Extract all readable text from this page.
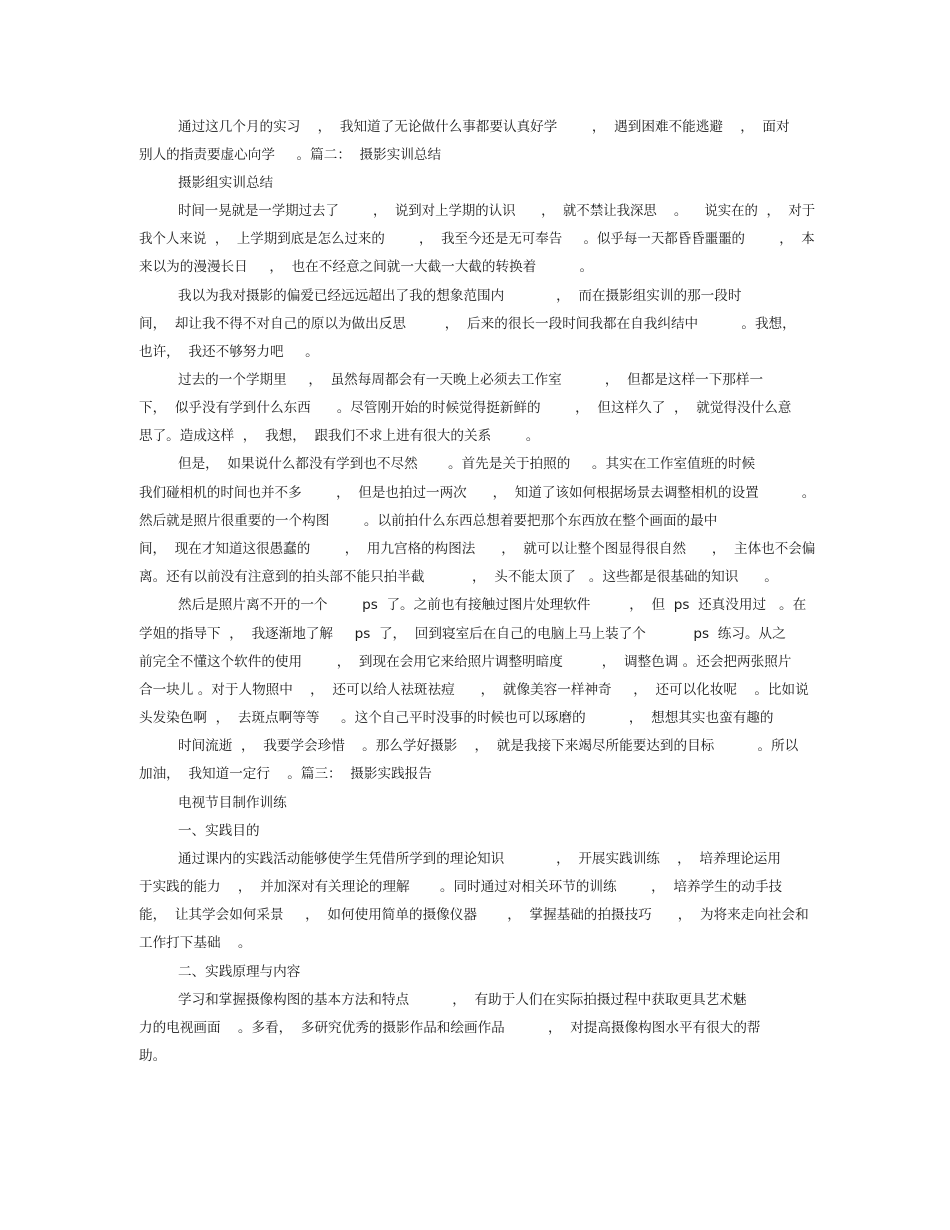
通过这几个月的实习    ，  我知道了无论做什么事都要认真好学        ，  遇到困难不能逃避    ，  面对
别人的指责要虚心向学     。篇二：  摄影实训总结
摄影组实训总结
时间一晃就是一学期过去了        ，  说到对上学期的认识      ，  就不禁让我深思    。    说实在的  ，  对于
我个人来说  ，  上学期到底是怎么过来的        ，  我至今还是无可奉告     。似乎每一天都昏昏噩噩的        ，  本
来以为的漫漫长日     ，  也在不经意之间就一大截一大截的转换着          。
我以为我对摄影的偏爱已经远远超出了我的想象范围内            ，  而在摄影组实训的那一段时
间，  却让我不得不对自己的原以为做出反思         ，  后来的很长一段时间我都在自我纠结中          。我想，
也许，  我还不够努力吧     。
过去的一个学期里     ，  虽然每周都会有一天晚上必须去工作室          ，  但都是这样一下那样一
下，  似乎没有学到什么东西      。尽管刚开始的时候觉得挺新鲜的        ，  但这样久了  ，  就觉得没什么意
思了。造成这样  ，  我想，  跟我们不求上进有很大的关系        。
但是，  如果说什么都没有学到也不尽然       。首先是关于拍照的     。其实在工作室值班的时候
我们碰相机的时间也并不多        ，  但是也拍过一两次      ，  知道了该如何根据场景去调整相机的设置          。
然后就是照片很重要的一个构图        。以前拍什么东西总想着要把那个东西放在整个画面的最中
间，  现在才知道这很愚蠢的        ，  用九宫格的构图法      ，  就可以让整个图显得很自然      ，  主体也不会偏
离。还有以前没有注意到的拍头部不能只拍半截           ，  头不能太顶了   。这些都是很基础的知识      。
然后是照片离不开的一个        ps  了。之前也有接触过图片处理软件         ，  但  ps  还真没用过   。在
学姐的指导下  ，  我逐渐地了解     ps  了，  回到寝室后在自己的电脑上马上装了个           ps  练习。从之
前完全不懂这个软件的使用        ，  到现在会用它来给照片调整明暗度         ，  调整色调 。还会把两张照片
合一块儿 。对于人物照中    ，  还可以给人祛斑祛痘      ，  就像美容一样神奇     ，  还可以化妆呢    。比如说
头发染色啊  ，  去斑点啊等等     。这个自己平时没事的时候也可以琢磨的          ，  想想其实也蛮有趣的
时间流逝  ，  我要学会珍惜    。那么学好摄影    ，  就是我接下来竭尽所能要达到的目标          。所以
加油，  我知道一定行    。篇三：  摄影实践报告
电视节目制作训练
一、实践目的
通过课内的实践活动能够使学生凭借所学到的理论知识            ，  开展实践训练    ，  培养理论运用
于实践的能力    ，  并加深对有关理论的理解       。同时通过对相关环节的训练        ，  培养学生的动手技
能，  让其学会如何采景     ，  如何使用简单的摄像仪器       ，  掌握基础的拍摄技巧      ，  为将来走向社会和
工作打下基础    。
二、实践原理与内容
学习和掌握摄像构图的基本方法和特点          ，  有助于人们在实际拍摄过程中获取更具艺术魅
力的电视画面    。多看，  多研究优秀的摄影作品和绘画作品          ，  对提高摄像构图水平有很大的帮
助。
